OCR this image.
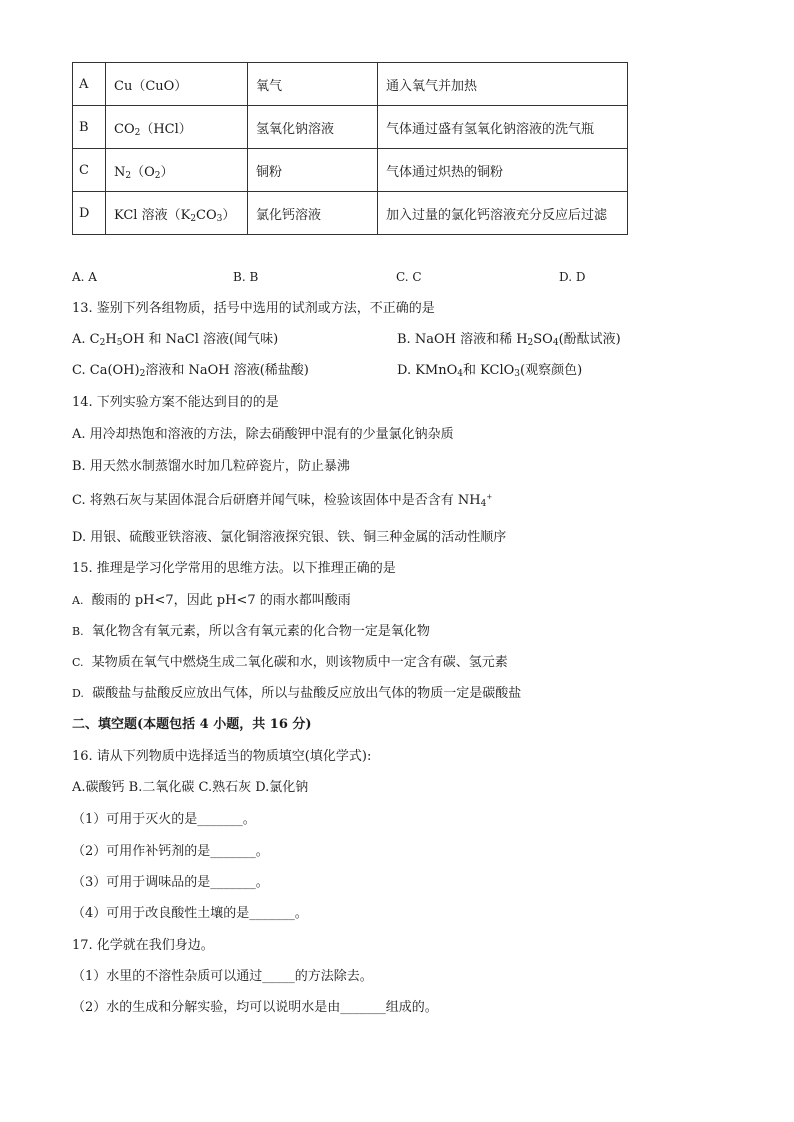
A	Cu（CuO）	氧气	通入氧气并加热
B	$CO_2(HCl)$	氢氧化钠溶液	气体通过盛有氢氧化钠溶液的洗气瓶
C	$N_2(O_2)$	铜粉	气体通过炽热的铜粉
D	KCl 溶液$(K_2CO_3)$	氯化钙溶液	加入过量的氯化钙溶液充分反应后过滤
A. A	B. B	C. C	D. D
13. 鉴别下列各组物质，括号中选用的试剂或方法，不正确的是
A. $C_2H_5OH$ 和 NaCl 溶液(闻气味)	B. NaOH 溶液和稀 $H_2SO_4$(酚酞试液)
C. $Ca(OH)_2$溶液和 NaOH 溶液(稀盐酸)	D. KMnO$_4$和 KClO$_3$(观察颜色)
14. 下列实验方案不能达到目的的是
A. 用冷却热饱和溶液的方法，除去硝酸钾中混有的少量氯化钠杂质
B. 用天然水制蒸馏水时加几粒碎瓷片，防止暴沸
C. 将熟石灰与某固体混合后研磨并闻气味，检验该固体中是否含有 $NH_4^+$
D. 用银、硫酸亚铁溶液、氯化铜溶液探究银、铁、铜三种金属的活动性顺序
15. 推理是学习化学常用的思维方法。以下推理正确的是
A. 酸雨的 pH<7，因此 pH<7 的雨水都叫酸雨
B. 氧化物含有氧元素，所以含有氧元素的化合物一定是氧化物
C. 某物质在氧气中燃烧生成二氧化碳和水，则该物质中一定含有碳、氢元素
D. 碳酸盐与盐酸反应放出气体，所以与盐酸反应放出气体的物质一定是碳酸盐
二、填空题(本题包括 4 小题，共 16 分)
16. 请从下列物质中选择适当的物质填空(填化学式):
A.碳酸钙 B.二氧化碳 C.熟石灰 D.氯化钠
（1）可用于灭火的是_______。
（2）可用作补钙剂的是_______。
（3）可用于调味品的是_______。
（4）可用于改良酸性土壤的是_______。
17. 化学就在我们身边。
（1）水里的不溶性杂质可以通过_____的方法除去。
（2）水的生成和分解实验，均可以说明水是由_______组成的。
